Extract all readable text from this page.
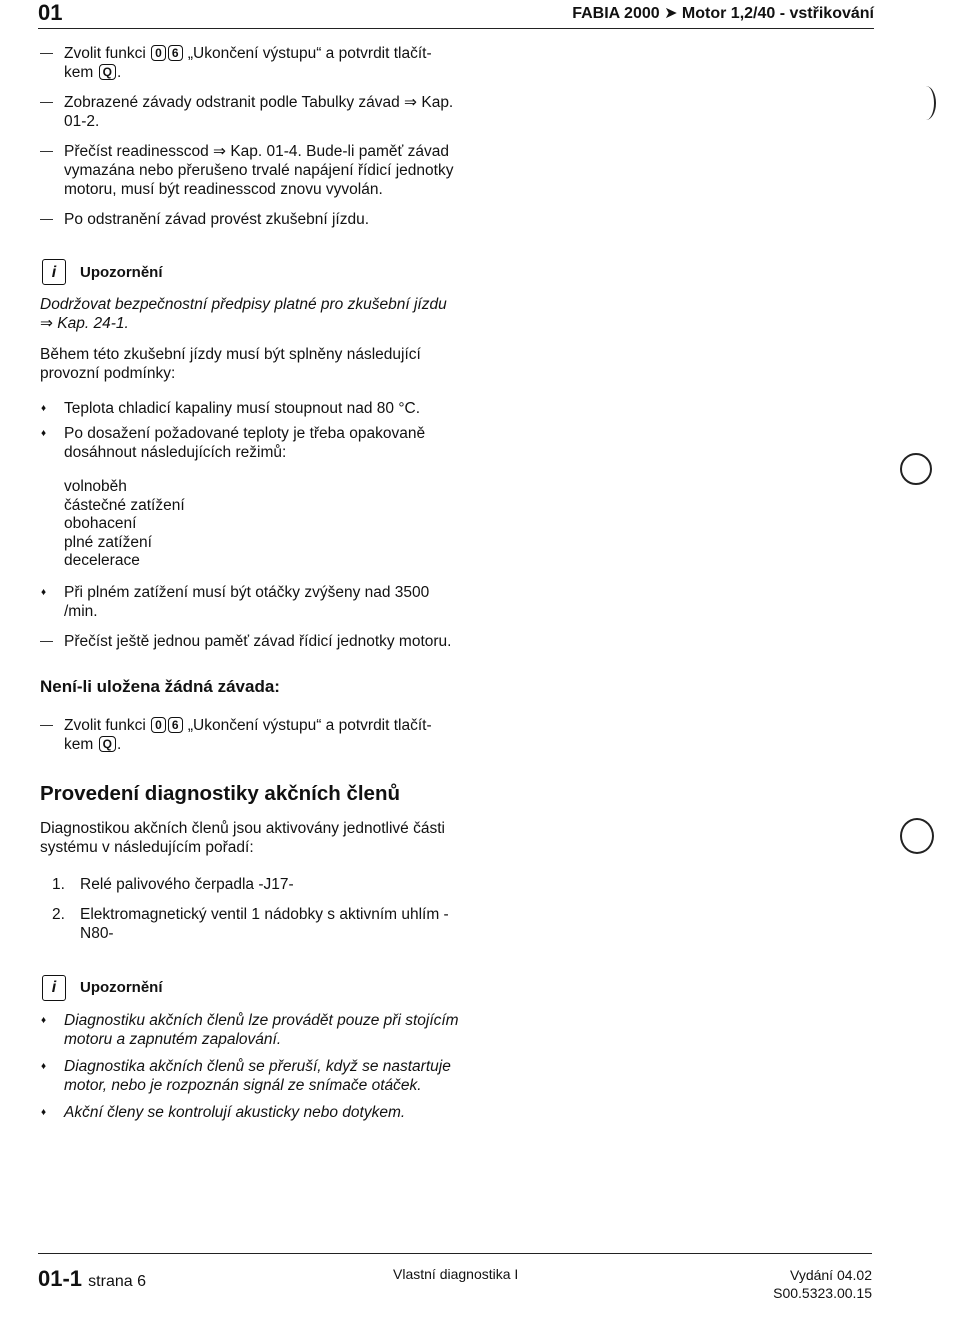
01	FABIA 2000 ➤ Motor 1,2/40 - vstřikování
—
Zvolit funkci 0 6 „Ukončení výstupu“ a potvrdit tlačít-kem Q .
—
Zobrazené závady odstranit podle Tabulky závad ⇒ Kap. 01-2.
—
Přečíst readinesscod ⇒ Kap. 01-4. Bude-li paměť závad vymazána nebo přerušeno trvalé napájení řídicí jednotky motoru, musí být readinesscod znovu vyvolán.
—
Po odstranění závad provést zkušební jízdu.
i	Upozornění
Dodržovat bezpečnostní předpisy platné pro zkušební jízdu ⇒ Kap. 24-1.
Během této zkušební jízdy musí být splněny následující provozní podmínky:
♦
Teplota chladicí kapaliny musí stoupnout nad 80 °C.
♦
Po dosažení požadované teploty je třeba opakovaně dosáhnout následujících režimů:
volnoběh
částečné zatížení
obohacení
plné zatížení
decelerace
♦
Při plném zatížení musí být otáčky zvýšeny nad 3500 /min.
—
Přečíst ještě jednou paměť závad řídicí jednotky motoru.
Není-li uložena žádná závada:
—
Zvolit funkci 0 6 „Ukončení výstupu“ a potvrdit tlačít-kem Q .
Provedení diagnostiky akčních členů
Diagnostikou akčních členů jsou aktivovány jednotlivé části systému v následujícím pořadí:
1. Relé palivového čerpadla -J17-
2. Elektromagnetický ventil 1 nádobky s aktivním uhlím -N80-
i	Upozornění
♦
Diagnostiku akčních členů lze provádět pouze při stojícím motoru a zapnutém zapalování.
♦
Diagnostika akčních členů se přeruší, když se nastartuje motor, nebo je rozpoznán signál ze snímače otáček.
♦
Akční členy se kontrolují akusticky nebo dotykem.
01-1 strana 6	Vlastní diagnostika I	Vydání 04.02
S00.5323.00.15
